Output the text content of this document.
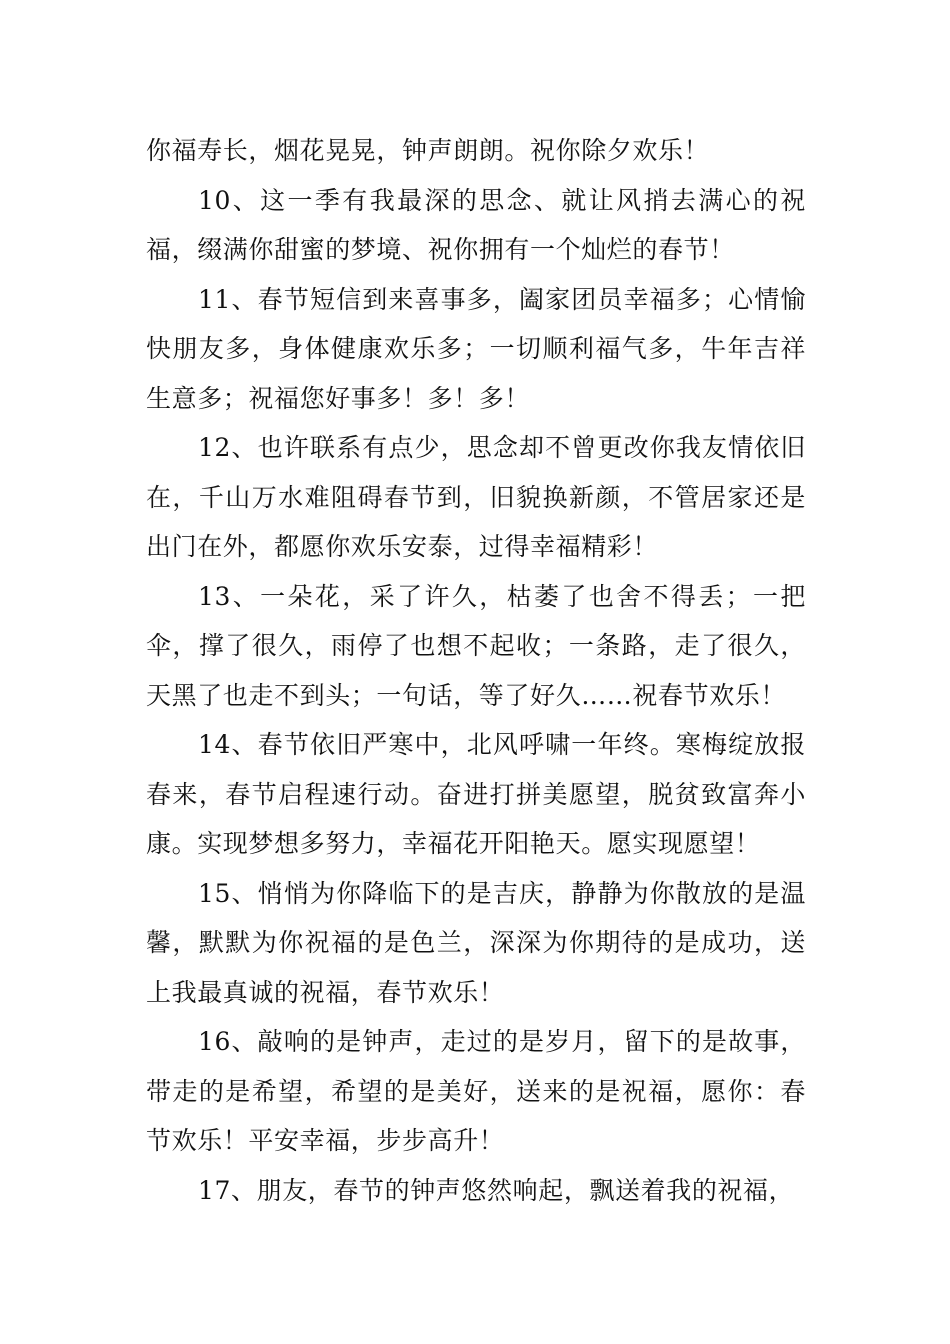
你福寿长，烟花晃晃，钟声朗朗。祝你除夕欢乐！

10、这一季有我最深的思念、就让风捎去满心的祝福，缀满你甜蜜的梦境、祝你拥有一个灿烂的春节！

11、春节短信到来喜事多，阖家团员幸福多；心情愉快朋友多，身体健康欢乐多；一切顺利福气多，牛年吉祥生意多；祝福您好事多！多！多！

12、也许联系有点少，思念却不曾更改你我友情依旧在，千山万水难阻碍春节到，旧貌换新颜，不管居家还是出门在外，都愿你欢乐安泰，过得幸福精彩！

13、一朵花，采了许久，枯萎了也舍不得丢；一把伞，撑了很久，雨停了也想不起收；一条路，走了很久，天黑了也走不到头；一句话，等了好久……祝春节欢乐！

14、春节依旧严寒中，北风呼啸一年终。寒梅绽放报春来，春节启程速行动。奋进打拼美愿望，脱贫致富奔小康。实现梦想多努力，幸福花开阳艳天。愿实现愿望！

15、悄悄为你降临下的是吉庆，静静为你散放的是温馨，默默为你祝福的是色兰，深深为你期待的是成功，送上我最真诚的祝福，春节欢乐！

16、敲响的是钟声，走过的是岁月，留下的是故事，带走的是希望，希望的是美好，送来的是祝福，愿你：春节欢乐！平安幸福，步步高升！

17、朋友，春节的钟声悠然响起，飘送着我的祝福，
